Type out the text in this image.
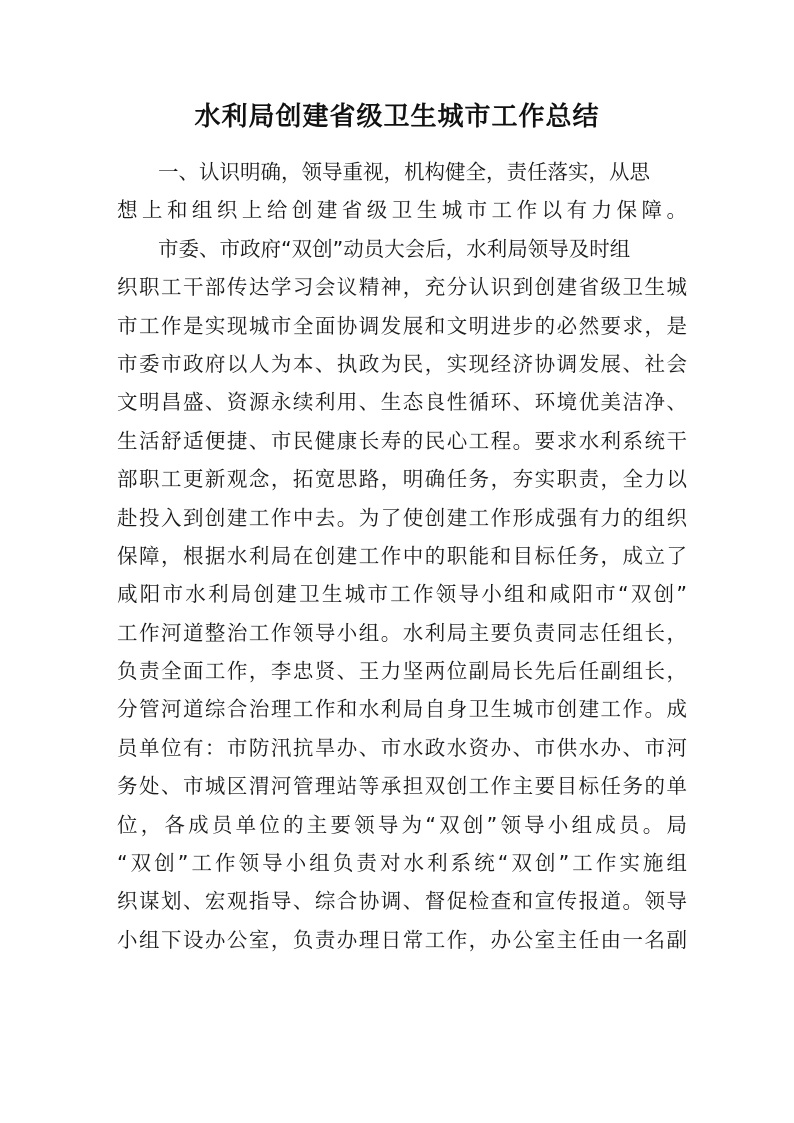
水利局创建省级卫生城市工作总结
一、认识明确，领导重视，机构健全，责任落实，从思
想上和组织上给创建省级卫生城市工作以有力保障。
市委、市政府“双创”动员大会后，水利局领导及时组
织职工干部传达学习会议精神，充分认识到创建省级卫生城
市工作是实现城市全面协调发展和文明进步的必然要求，是
市委市政府以人为本、执政为民，实现经济协调发展、社会
文明昌盛、资源永续利用、生态良性循环、环境优美洁净、
生活舒适便捷、市民健康长寿的民心工程。要求水利系统干
部职工更新观念，拓宽思路，明确任务，夯实职责，全力以
赴投入到创建工作中去。为了使创建工作形成强有力的组织
保障，根据水利局在创建工作中的职能和目标任务，成立了
咸阳市水利局创建卫生城市工作领导小组和咸阳市“双创”
工作河道整治工作领导小组。水利局主要负责同志任组长，
负责全面工作，李忠贤、王力坚两位副局长先后任副组长，
分管河道综合治理工作和水利局自身卫生城市创建工作。成
员单位有：市防汛抗旱办、市水政水资办、市供水办、市河
务处、市城区渭河管理站等承担双创工作主要目标任务的单
位，各成员单位的主要领导为“双创”领导小组成员。局
“双创”工作领导小组负责对水利系统“双创”工作实施组
织谋划、宏观指导、综合协调、督促检查和宣传报道。领导
小组下设办公室，负责办理日常工作，办公室主任由一名副
